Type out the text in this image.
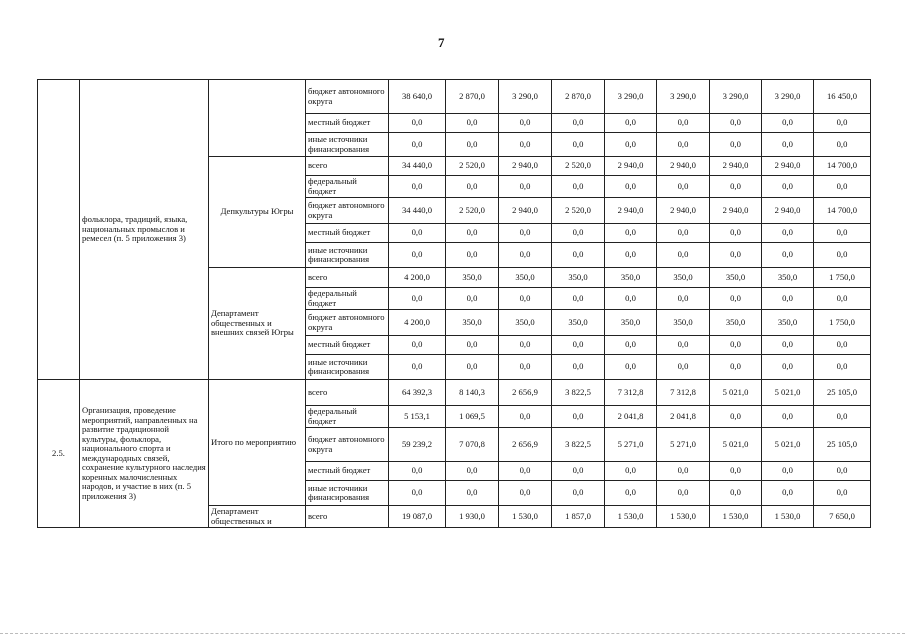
7
	фольклора, традиций, языка, национальных промыслов и ремесел (п. 5 приложения 3)		бюджет автономного округа	38 640,0	2 870,0	3 290,0	2 870,0	3 290,0	3 290,0	3 290,0	3 290,0	16 450,0
			местный бюджет	0,0	0,0	0,0	0,0	0,0	0,0	0,0	0,0	0,0
			иные источники финансирования	0,0	0,0	0,0	0,0	0,0	0,0	0,0	0,0	0,0
		Депкультуры Югры	всего	34 440,0	2 520,0	2 940,0	2 520,0	2 940,0	2 940,0	2 940,0	2 940,0	14 700,0
			федеральный бюджет	0,0	0,0	0,0	0,0	0,0	0,0	0,0	0,0	0,0
			бюджет автономного округа	34 440,0	2 520,0	2 940,0	2 520,0	2 940,0	2 940,0	2 940,0	2 940,0	14 700,0
			местный бюджет	0,0	0,0	0,0	0,0	0,0	0,0	0,0	0,0	0,0
			иные источники финансирования	0,0	0,0	0,0	0,0	0,0	0,0	0,0	0,0	0,0
		Департамент общественных и внешних связей Югры	всего	4 200,0	350,0	350,0	350,0	350,0	350,0	350,0	350,0	1 750,0
			федеральный бюджет	0,0	0,0	0,0	0,0	0,0	0,0	0,0	0,0	0,0
			бюджет автономного округа	4 200,0	350,0	350,0	350,0	350,0	350,0	350,0	350,0	1 750,0
			местный бюджет	0,0	0,0	0,0	0,0	0,0	0,0	0,0	0,0	0,0
			иные источники финансирования	0,0	0,0	0,0	0,0	0,0	0,0	0,0	0,0	0,0
2.5.	Организация, проведение мероприятий, направленных на развитие традиционной культуры, фольклора, национального спорта и международных связей, сохранение культурного наследия коренных малочисленных народов, и участие в них (п. 5 приложения 3)	Итого по мероприятию	всего	64 392,3	8 140,3	2 656,9	3 822,5	7 312,8	7 312,8	5 021,0	5 021,0	25 105,0
			федеральный бюджет	5 153,1	1 069,5	0,0	0,0	2 041,8	2 041,8	0,0	0,0	0,0
			бюджет автономного округа	59 239,2	7 070,8	2 656,9	3 822,5	5 271,0	5 271,0	5 021,0	5 021,0	25 105,0
			местный бюджет	0,0	0,0	0,0	0,0	0,0	0,0	0,0	0,0	0,0
			иные источники финансирования	0,0	0,0	0,0	0,0	0,0	0,0	0,0	0,0	0,0
		Департамент общественных и	всего	19 087,0	1 930,0	1 530,0	1 857,0	1 530,0	1 530,0	1 530,0	1 530,0	7 650,0
